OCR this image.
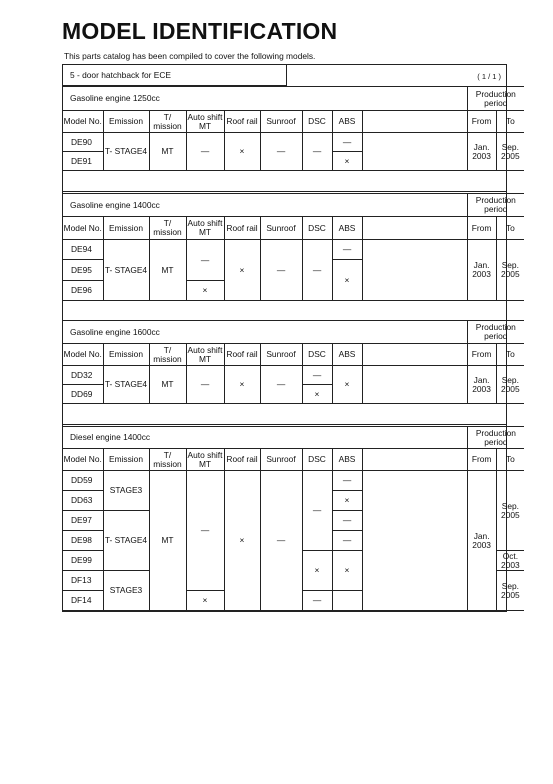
MODEL IDENTIFICATION
This parts catalog has been compiled to cover the following models.
5 - door hatchback for ECE	( 1 / 1 )
Gasoline engine 1250cc									Production period	
Model No.	Emission	T/ mission	Auto shift MT	Roof rail	Sunroof	DSC	ABS		From	To
DE90	T- STAGE4	MT	—	×	—	—	—		Jan. 2003	Sep. 2005
DE91							×			
Gasoline engine 1400cc									Production period	
Model No.	Emission	T/ mission	Auto shift MT	Roof rail	Sunroof	DSC	ABS		From	To
DE94	T- STAGE4	MT	—	×	—	—	—		Jan. 2003	Sep. 2005
DE95							×			
DE96			×							
Gasoline engine 1600cc									Production period	
Model No.	Emission	T/ mission	Auto shift MT	Roof rail	Sunroof	DSC	ABS		From	To
DD32	T- STAGE4	MT	—	×	—	—	×		Jan. 2003	Sep. 2005
DD69						×				
Diesel engine 1400cc									Production period	
Model No.	Emission	T/ mission	Auto shift MT	Roof rail	Sunroof	DSC	ABS		From	To
DD59	STAGE3	MT	—	×	—	—	—		Jan. 2003	Sep. 2005
DD63							×			
DE97	T- STAGE4						—			
DE98							—			
DE99						×	×			Oct. 2003
DF13	STAGE3									Sep. 2005
DF14			×			—				
